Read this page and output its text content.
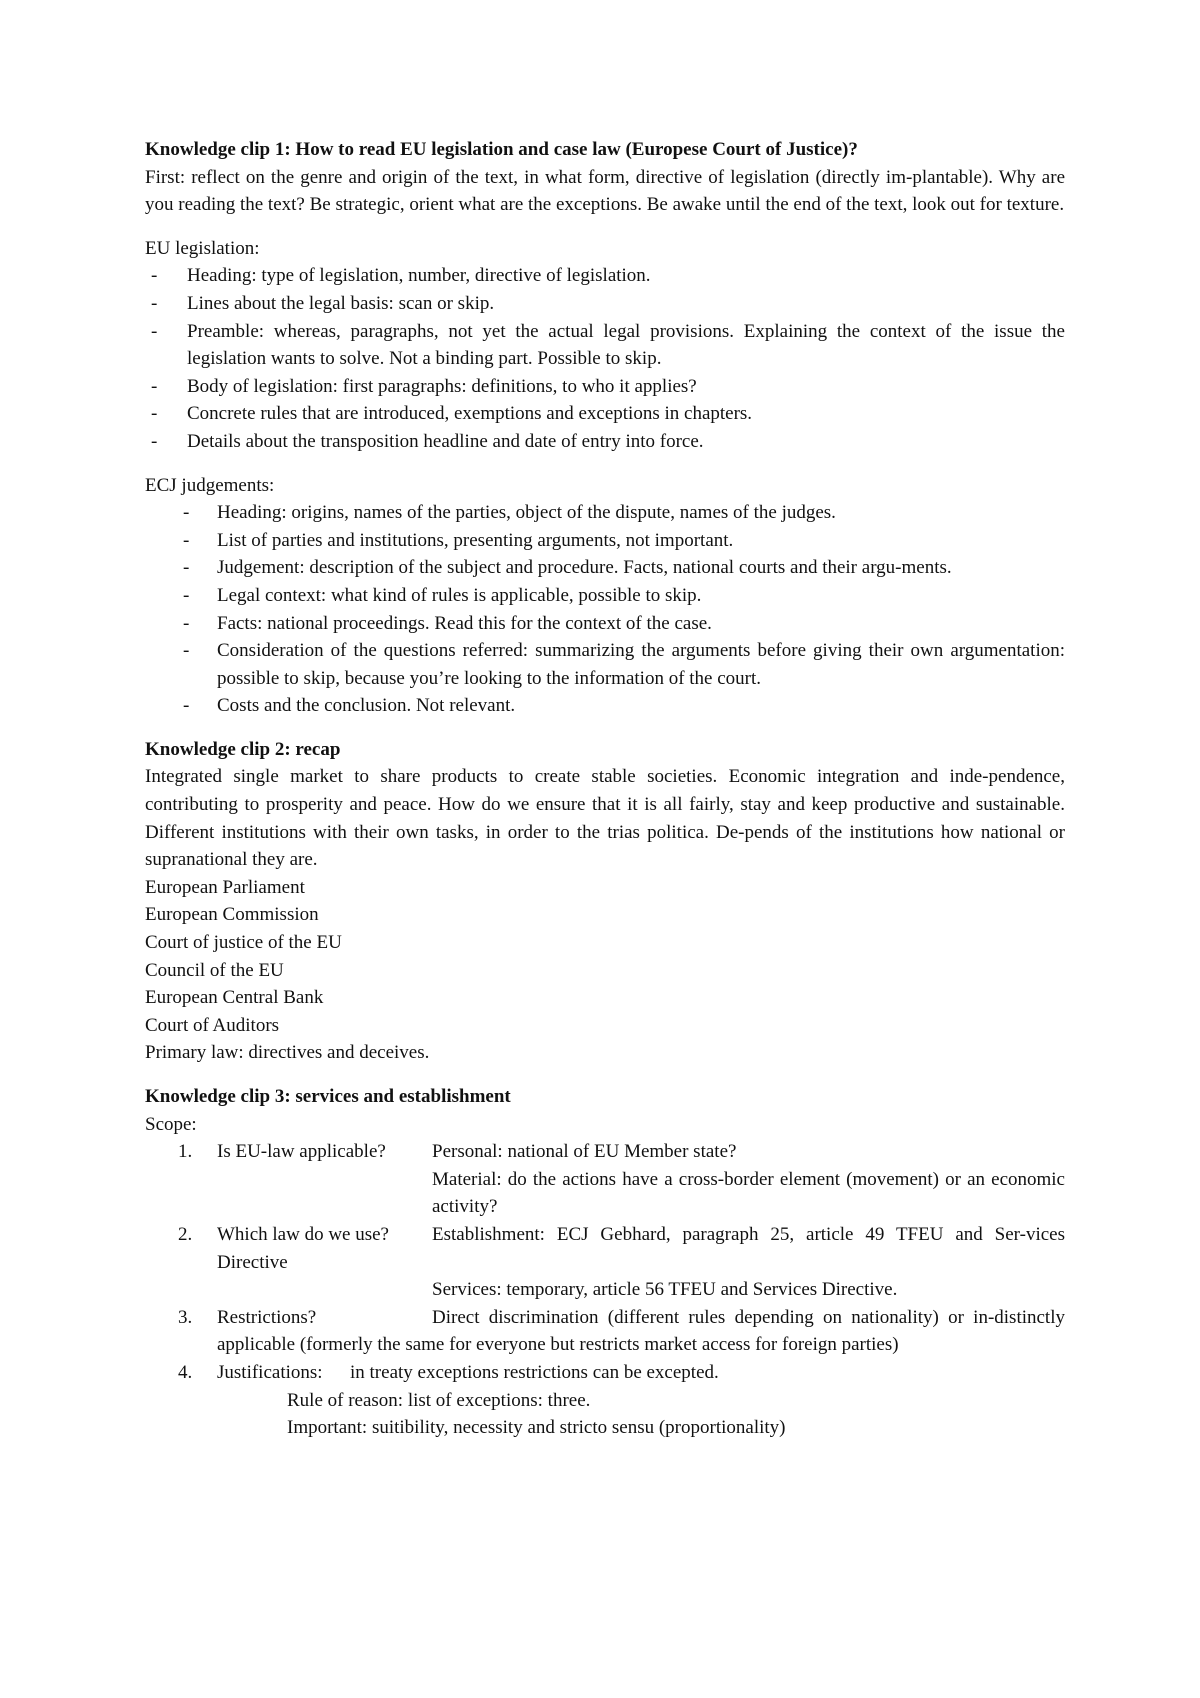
Knowledge clip 1: How to read EU legislation and case law (Europese Court of Justice)?
First: reflect on the genre and origin of the text, in what form, directive of legislation (directly im-plantable). Why are you reading the text? Be strategic, orient what are the exceptions. Be awake until the end of the text, look out for texture.
EU legislation:
- Heading: type of legislation, number, directive of legislation.
- Lines about the legal basis: scan or skip.
- Preamble: whereas, paragraphs, not yet the actual legal provisions. Explaining the context of the issue the legislation wants to solve. Not a binding part. Possible to skip.
- Body of legislation: first paragraphs: definitions, to who it applies?
- Concrete rules that are introduced, exemptions and exceptions in chapters.
- Details about the transposition headline and date of entry into force.
ECJ judgements:
- Heading: origins, names of the parties, object of the dispute, names of the judges.
- List of parties and institutions, presenting arguments, not important.
- Judgement: description of the subject and procedure. Facts, national courts and their argu-ments.
- Legal context: what kind of rules is applicable, possible to skip.
- Facts: national proceedings. Read this for the context of the case.
- Consideration of the questions referred: summarizing the arguments before giving their own argumentation: possible to skip, because you’re looking to the information of the court.
- Costs and the conclusion. Not relevant.
Knowledge clip 2: recap
Integrated single market to share products to create stable societies. Economic integration and inde-pendence, contributing to prosperity and peace. How do we ensure that it is all fairly, stay and keep productive and sustainable. Different institutions with their own tasks, in order to the trias politica. De-pends of the institutions how national or supranational they are.
European Parliament
European Commission
Court of justice of the EU
Council of the EU
European Central Bank
Court of Auditors
Primary law: directives and deceives.
Knowledge clip 3: services and establishment
Scope:
1. Is EU-law applicable? Personal: national of EU Member state?
Material: do the actions have a cross-border element (movement) or an economic activity?
2. Which law do we use? Establishment: ECJ Gebhard, paragraph 25, article 49 TFEU and Ser-vices Directive
Services: temporary, article 56 TFEU and Services Directive.
3. Restrictions?	Direct discrimination (different rules depending on nationality) or in-distinctly applicable (formerly the same for everyone but restricts market access for foreign parties)
4. Justifications: in treaty exceptions restrictions can be excepted.
Rule of reason: list of exceptions: three.
Important: suitibility, necessity and stricto sensu (proportionality)
